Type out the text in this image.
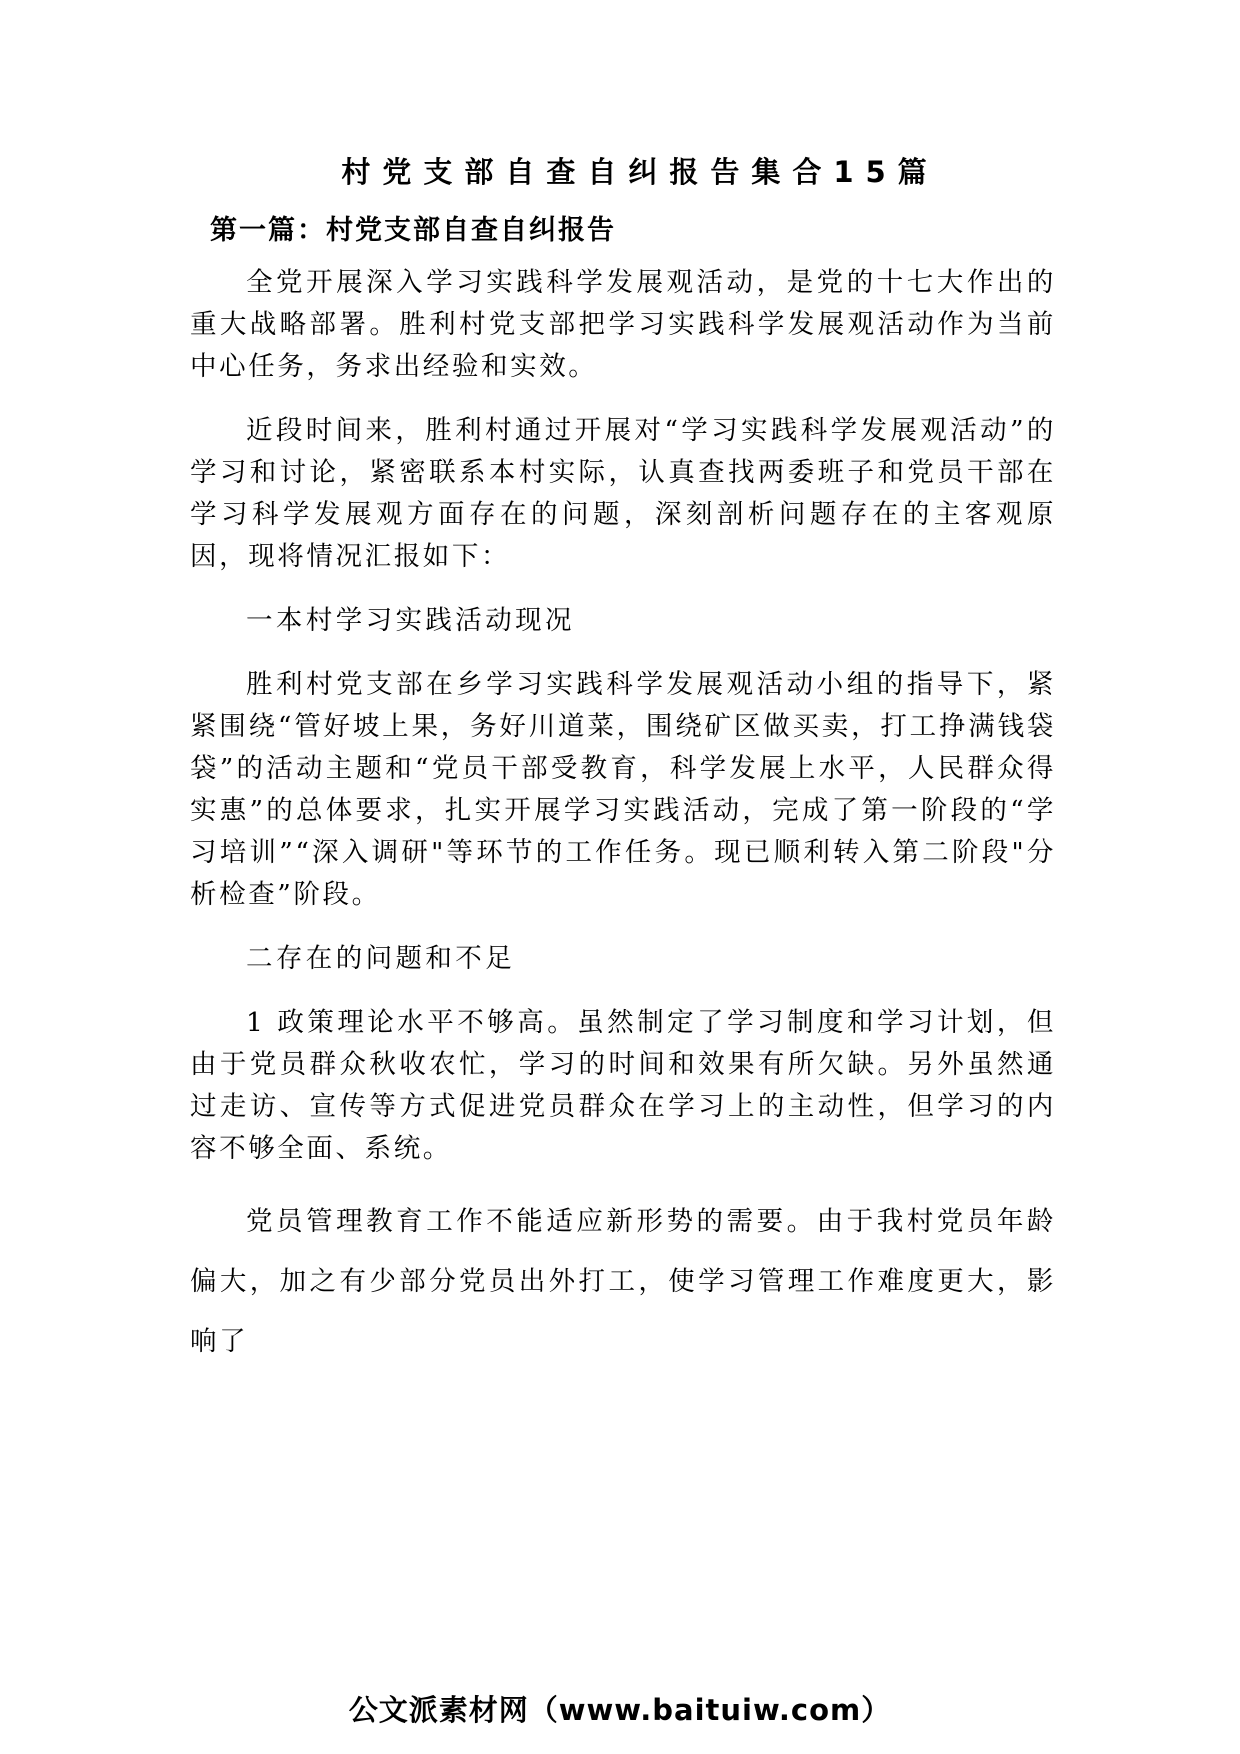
村党支部自查自纠报告集合15篇
第一篇：村党支部自查自纠报告

全党开展深入学习实践科学发展观活动，是党的十七大作出的重大战略部署。胜利村党支部把学习实践科学发展观活动作为当前中心任务，务求出经验和实效。

近段时间来，胜利村通过开展对“学习实践科学发展观活动”的学习和讨论，紧密联系本村实际，认真查找两委班子和党员干部在学习科学发展观方面存在的问题，深刻剖析问题存在的主客观原因，现将情况汇报如下：

一本村学习实践活动现况

胜利村党支部在乡学习实践科学发展观活动小组的指导下，紧紧围绕“管好坡上果，务好川道菜，围绕矿区做买卖，打工挣满钱袋袋”的活动主题和“党员干部受教育，科学发展上水平，人民群众得实惠”的总体要求，扎实开展学习实践活动，完成了第一阶段的“学习培训”“深入调研"等环节的工作任务。现已顺利转入第二阶段"分析检查”阶段。

二存在的问题和不足

1 政策理论水平不够高。虽然制定了学习制度和学习计划，但由于党员群众秋收农忙，学习的时间和效果有所欠缺。另外虽然通过走访、宣传等方式促进党员群众在学习上的主动性，但学习的内容不够全面、系统。

党员管理教育工作不能适应新形势的需要。由于我村党员年龄偏大，加之有少部分党员出外打工，使学习管理工作难度更大，影响了

公文派素材网（www.baituiw.com）
